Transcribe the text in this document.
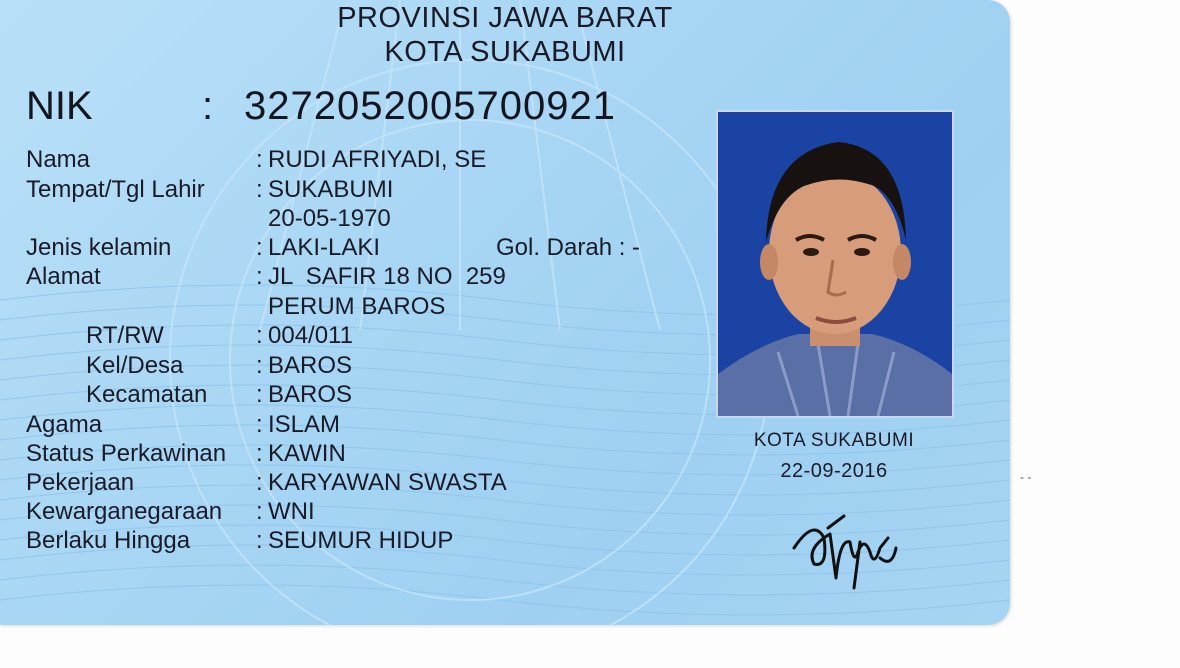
PROVINSI JAWA BARAT
KOTA SUKABUMI
NIK	: 3272052005700921
Nama	: RUDI AFRIYADI, SE
Tempat/Tgl Lahir : SUKABUMI
20-05-1970
Jenis kelamin	: LAKI-LAKI	Gol. Darah : -
Alamat	: JL  SAFIR 18 NO  259
PERUM BAROS
RT/RW	: 004/011
Kel/Desa	: BAROS
Kecamatan : BAROS
Agama	: ISLAM
Status Perkawinan : KAWIN
Pekerjaan	: KARYAWAN SWASTA
Kewarganegaraan : WNI
Berlaku Hingga	: SEUMUR HIDUP
KOTA SUKABUMI
22-09-2016	- -
